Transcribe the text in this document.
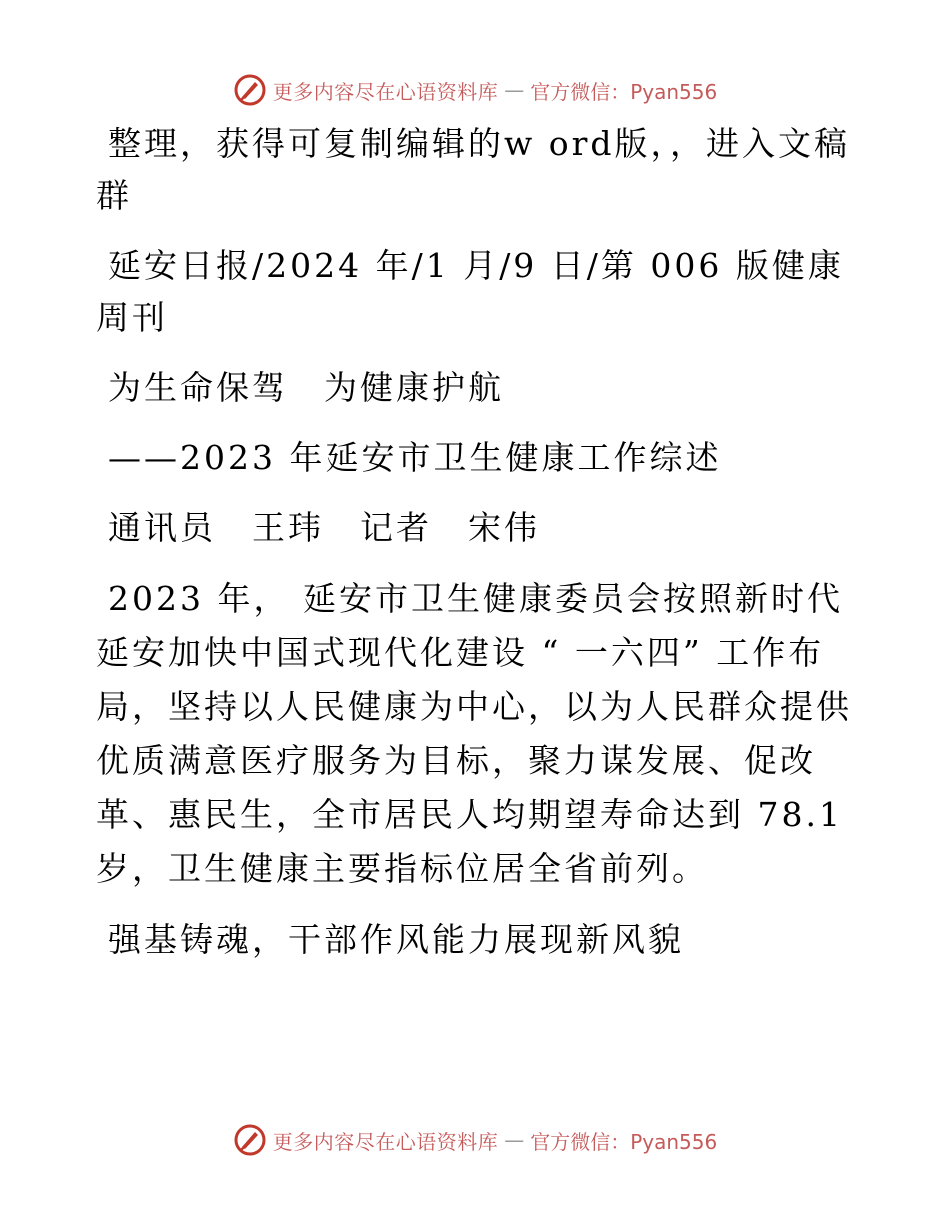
更多内容尽在心语资料库 — 官方微信：Pyan556

整理，获得可复制编辑的w ord版，，进入文稿群

延安日报/2024 年/1 月/9 日/第 006 版健康周刊

为生命保驾　为健康护航

——2023 年延安市卫生健康工作综述

通讯员　王玮　记者　宋伟

2023 年， 延安市卫生健康委员会按照新时代延安加快中国式现代化建设 “ 一六四” 工作布局，坚持以人民健康为中心，以为人民群众提供优质满意医疗服务为目标，聚力谋发展、促改革、惠民生，全市居民人均期望寿命达到 78.1 岁，卫生健康主要指标位居全省前列。

强基铸魂，干部作风能力展现新风貌

更多内容尽在心语资料库 — 官方微信：Pyan556
